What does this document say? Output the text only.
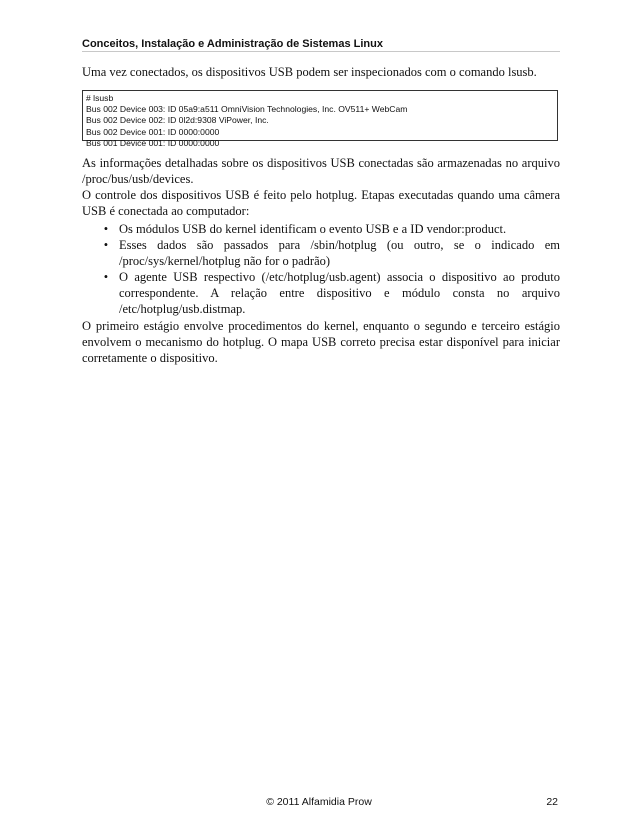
Conceitos, Instalação e Administração de Sistemas Linux

Uma vez conectados, os dispositivos USB podem ser inspecionados com o comando lsusb.

# lsusb
Bus 002 Device 003: ID 05a9:a511 OmniVision Technologies, Inc. OV511+ WebCam
Bus 002 Device 002: ID 0l2d:9308 ViPower, Inc.
Bus 002 Device 001: ID 0000:0000
Bus 001 Device 001: ID 0000:0000
As informações detalhadas sobre os dispositivos USB conectadas são armazenadas no arquivo /proc/bus/usb/devices.
O controle dos dispositivos USB é feito pelo hotplug. Etapas executadas quando uma câmera USB é conectada ao computador:
• Os módulos USB do kernel identificam o evento USB e a ID vendor:product.
• Esses dados são passados para /sbin/hotplug (ou outro, se o indicado em /proc/sys/kernel/hotplug não for o padrão)
• O agente USB respectivo (/etc/hotplug/usb.agent) associa o dispositivo ao produto correspondente. A relação entre dispositivo e módulo consta no arquivo /etc/hotplug/usb.distmap.

O primeiro estágio envolve procedimentos do kernel, enquanto o segundo e terceiro estágio envolvem o mecanismo do hotplug. O mapa USB correto precisa estar disponível para iniciar corretamente o dispositivo.

© 2011 Alfamidia Prow	22
